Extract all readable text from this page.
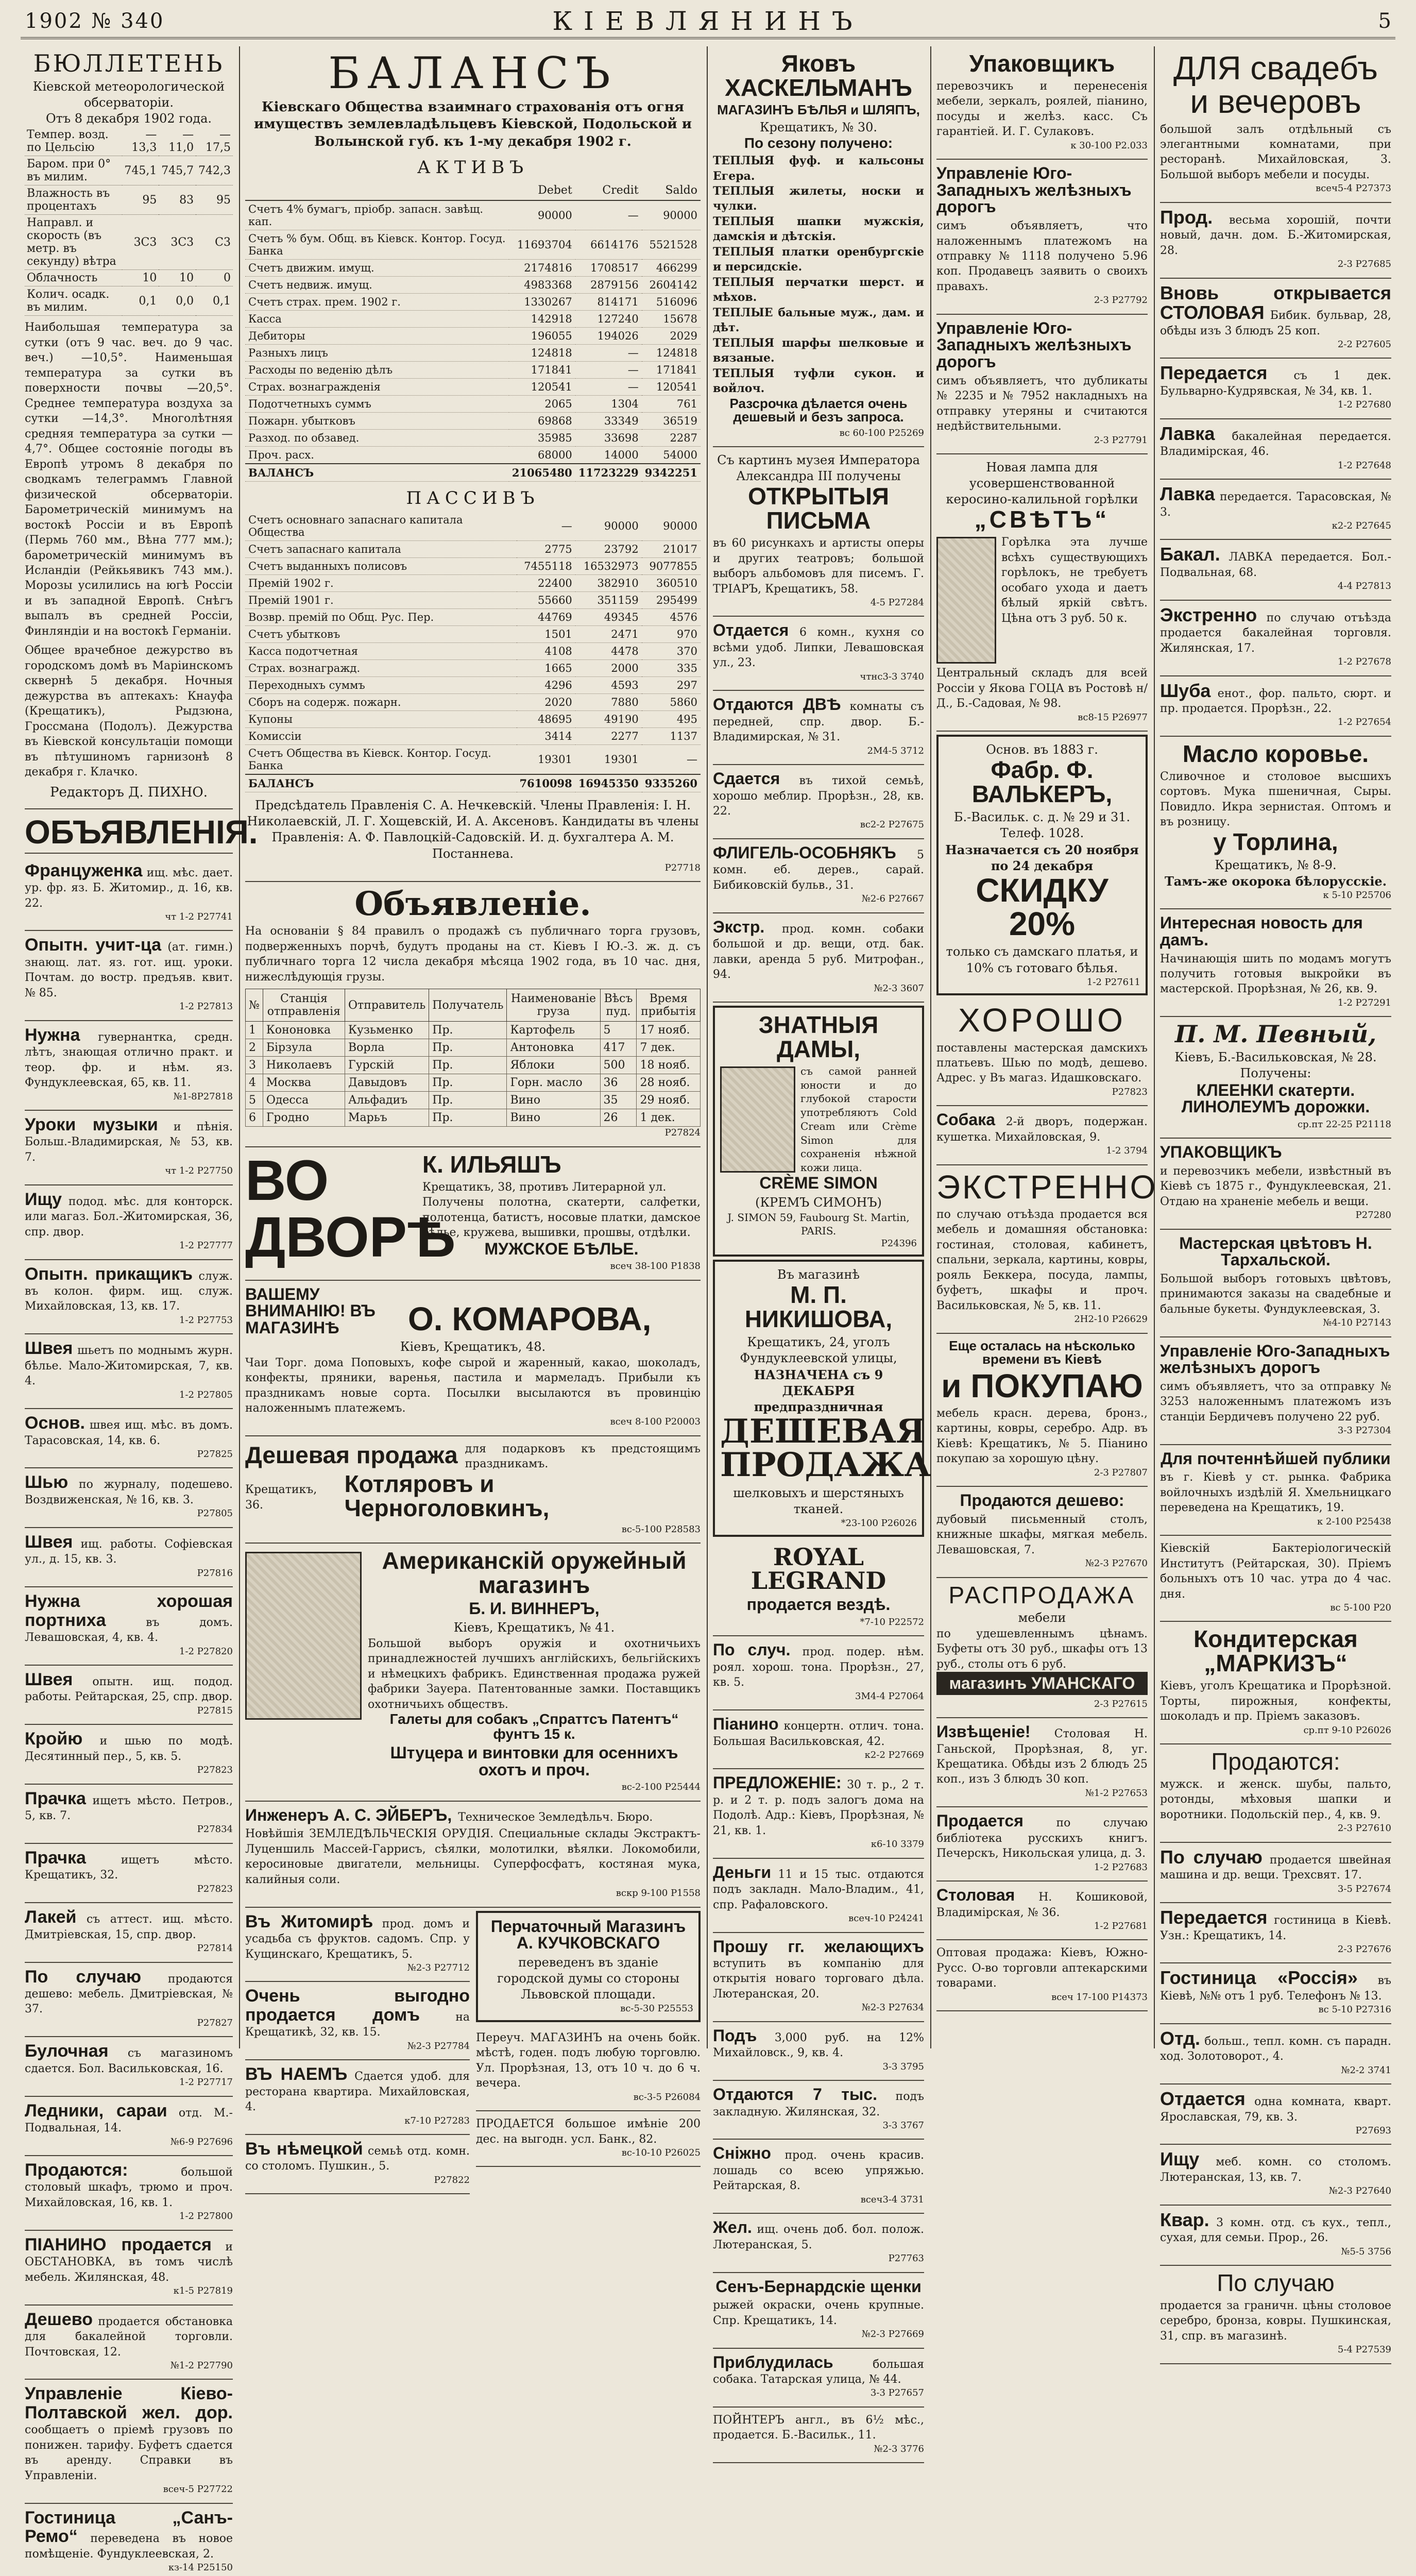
1902 № 340	КІЕВЛЯНИНЪ	5
БЮЛЛЕТЕНЬ
Кіевской метеорологической обсерваторіи.
Отъ 8 декабря 1902 года.
Темпер. возд. по Цельсію	—13,3	—11,0	—17,5
Баром. при 0° въ милим.	745,1	745,7	742,3
Влажность въ процентахъ	95	83	95
Направл. и скорость (въ метр. въ секунду) вѣтра	3С3	3С3	С3
Облачность	10	10	0
Колич. осадк. въ милим.	0,1	0,0	0,1
Наибольшая температура за сутки (отъ 9 час. веч. до 9 час. веч.) —10,5°. Наименьшая температура за сутки въ поверхности почвы —20,5°. Среднее температура воздуха за сутки —14,3°. Многолѣтняя средняя температура за сутки —4,7°. Общее состояніе погоды въ Европѣ утромъ 8 декабря по сводкамъ телеграммъ Главной физической обсерваторіи. Барометрическій минимумъ на востокѣ Россіи и въ Европѣ (Пермь 760 мм., Вѣна 777 мм.); барометрическій минимумъ въ Исландіи (Рейкьявикъ 743 мм.). Морозы усилились на югѣ Россіи и въ западной Европѣ. Снѣгъ выпалъ въ средней Россіи, Финляндіи и на востокѣ Германіи.
Общее врачебное дежурство въ городскомъ домѣ въ Маріинскомъ сквернѣ 5 декабря. Ночныя дежурства въ аптекахъ: Кнауфа (Крещатикъ), Рыдзюна, Гроссмана (Подолъ). Дежурства въ Кіевской консультаціи помощи въ пѣтушиномъ гарнизонѣ 8 декабря г. Клачко.
Редакторъ Д. ПИХНО.
ОБЪЯВЛЕНІЯ.
Француженка ищ. мѣс. дает. ур. фр. яз. Б. Житомир., д. 16, кв. 22.
чт 1-2 Р27741
Опытн. учит-ца (ат. гимн.) знающ. лат. яз. гот. ищ. уроки. Почтам. до востр. предъяв. квит. № 85.
1-2 Р27813
Нужна гувернантка, средн. лѣтъ, знающая отлично практ. и теор. фр. и нѣм. яз. Фундуклеевская, 65, кв. 11.
№1-8Р27818
Уроки музыки и пѣнія. Больш.-Владимирская, № 53, кв. 7.
чт 1-2 Р27750
Ищу подод. мѣс. для конторск. или магаз. Бол.-Житомирская, 36, спр. двор.
1-2 Р27777
Опытн. прикащикъ служ. въ колон. фирм. ищ. служ. Михайловская, 13, кв. 17.
1-2 Р27753
Швея шьетъ по моднымъ журн. бѣлье. Мало-Житомирская, 7, кв. 4.
1-2 Р27805
Основ. швея ищ. мѣс. въ домъ. Тарасовская, 14, кв. 6.
Р27825
Шью по журналу, подешево. Воздвиженская, № 16, кв. 3.
Р27805
Швея ищ. работы. Софіевская ул., д. 15, кв. 3.
Р27816
Нужна хорошая портниха	въ домъ. Левашовская, 4, кв. 4.
1-2 Р27820
Швея опытн. ищ. подод. работы. Рейтарская, 25, спр. двор.
Р27815
Кройю и шью по модѣ. Десятинный пер., 5, кв. 5.
Р27823
Прачка ищетъ мѣсто. Петров., 5, кв. 7.
Р27834
Прачка	ищетъ мѣсто. Крещатикъ, 32.
Р27823
Лакей съ аттест. ищ. мѣсто. Дмитріевская, 15, спр. двор.
Р27814
По случаю продаются дешево: мебель. Дмитріевская, № 37.
Р27827
Булочная съ магазиномъ сдается. Бол. Васильковская, 16.
1-2 Р27717
Ледники, сараи отд. М.-Подвальная, 14.
№6-9 Р27696
Продаются:	большой столовый шкафъ, трюмо и проч. Михайловская, 16, кв. 1.
1-2 Р27800
ПІАНИНО продается и ОБСТАНОВКА, въ томъ числѣ мебель. Жилянская, 48.
к1-5 Р27819
Дешево продается обстановка для бакалейной торговли. Почтовская, 12.
№1-2 Р27790
Управленіе Кіево-Полтавской жел. дор. сообщаетъ о пріемѣ грузовъ по понижен. тарифу. Буфетъ сдается въ аренду. Справки въ Управленіи.
всеч-5 Р27722
Гостиница „Санъ-Ремо“ переведена въ новое помѣщеніе. Фундуклеевская, 2.
кз-14 Р25150
БАЛАНСЪ
Кіевскаго Общества взаимнаго страхованія отъ огня имуществъ землевладѣльцевъ Кіевской, Подольской и Волынской губ. къ 1-му декабря 1902 г.
АКТИВЪ
	Debet	Credit	Saldo
Счетъ 4% бумагъ, пріобр. запасн. завѣщ. кап.	90000	—	90000
Счетъ % бум. Общ. въ Кіевск. Контор. Госуд. Банка	11693704	6614176	5521528
Счетъ движим. имущ.	2174816	1708517	466299
Счетъ недвиж. имущ.	4983368	2879156	2604142
Счетъ страх. прем. 1902 г.	1330267	814171	516096
Касса	142918	127240	15678
Дебиторы	196055	194026	2029
Разныхъ лицъ	124818	—	124818
Расходы по веденію дѣлъ	171841	—	171841
Страх. вознагражденія	120541	—	120541
Подотчетныхъ суммъ	2065	1304	761
Пожарн. убытковъ	69868	33349	36519
Разход. по обзавед.	35985	33698	2287
Проч. расх.	68000	14000	54000
ВАЛАНСЪ	21065480	11723229	9342251
ПАССИВЪ
Счетъ основнаго запаснаго капитала Общества	—	90000	90000
Счетъ запаснаго капитала	2775	23792	21017
Счетъ выданныхъ полисовъ	7455118	16532973	9077855
Премій 1902 г.	22400	382910	360510
Премій 1901 г.	55660	351159	295499
Возвр. премій по Общ. Рус. Пер.	44769	49345	4576
Счетъ убытковъ	1501	2471	970
Касса подотчетная	4108	4478	370
Страх. вознагражд.	1665	2000	335
Переходныхъ суммъ	4296	4593	297
Сборъ на содерж. пожарн.	2020	7880	5860
Купоны	48695	49190	495
Комиссіи	3414	2277	1137
Счетъ Общества въ Кіевск. Контор. Госуд. Банка	19301	19301	—
БАЛАНСЪ	7610098	16945350	9335260
Предсѣдатель Правленія С. А. Нечкевскій. Члены Правленія: І. Н. Николаевскій, Л. Г. Хощевскій, И. А. Аксеновъ. Кандидаты въ члены Правленія: А. Ф. Павлоцкій-Садовскій. И. д. бухгалтера А. М. Постаннева.
Р27718
Объявленіе.
На основаніи § 84 правилъ о продажѣ съ публичнаго торга грузовъ, подверженныхъ порчѣ, будутъ проданы на ст. Кіевъ I Ю.-З. ж. д. съ публичнаго торга 12 числа декабря мѣсяца 1902 года, въ 10 час. дня, нижеслѣдующія грузы.
№	Станція отправленія	Отправитель	Получатель	Наименованіе груза	Вѣсъ пуд.	Время прибытія
1	Кононовка	Кузьменко	Пр.	Картофель	5	17 нояб.
2	Бірзула	Ворла	Пр.	Антоновка	417	7 дек.
3	Николаевъ	Гурскій	Пр.	Яблоки	500	18 нояб.
4	Москва	Давыдовъ	Пр.	Горн. масло	36	28 нояб.
5	Одесса	Альфадиъ	Пр.	Вино	35	29 нояб.
6	Гродно	Марьъ	Пр.	Вино	26	1 дек.
Р27824
ВО ДВОРѢ
К. ИЛЬЯШЪ
Крещатикъ, 38, противъ Литерарной ул.
Получены полотна, скатерти, салфетки, полотенца, батистъ, носовые платки, дамское бѣлье, кружева, вышивки, прошвы, отдѣлки.
МУЖСКОЕ БѢЛЬЕ.
всеч 38-100 Р1838
ВАШЕМУ ВНИМАНІЮ! ВЪ МАГАЗИНѢ	О. КОМАРОВА,
Кіевъ, Крещатикъ, 48.
Чаи Торг. дома Поповыхъ, кофе сырой и жаренный, какао, шоколадъ, конфекты, пряники, варенья, пастила и мармеладъ. Прибыли къ праздникамъ новые сорта. Посылки высылаются въ провинцію наложеннымъ платежемъ.
всеч 8-100 Р20003
Дешевая продажа для подарковъ къ предстоящимъ праздникамъ.
Крещатикъ, 36.
Котляровъ и Черноголовкинъ,
вс-5-100 Р28583
Американскій оружейный магазинъ
Б. И. ВИННЕРЪ,
Кіевъ, Крещатикъ, № 41.
Большой выборъ оружія и охотничьихъ принадлежностей лучшихъ англійскихъ, бельгійскихъ и нѣмецкихъ фабрикъ. Единственная продажа ружей фабрики Зауера. Патентованные замки. Поставщикъ охотничьихъ обществъ.
Галеты для собакъ „Спраттсъ Патентъ“ фунтъ 15 к.
Штуцера и винтовки для осеннихъ охотъ и проч.
вс-2-100 Р25444
Инженеръ А. С. ЭЙБЕРЪ, Техническое Земледѣльч. Бюро.
Новѣйшія ЗЕМЛЕДѢЛЬЧЕСКІЯ ОРУДІЯ. Специальные склады Экстрактъ-Луценшиль Массей-Гаррисъ, сѣялки, молотилки, вѣялки. Локомобили, керосиновые двигатели, мельницы. Суперфосфатъ, костяная мука, калийныя соли.
вскр 9-100 Р1558
Въ Житомирѣ прод. домъ и усадьба съ фруктов. садомъ. Спр. у Кущинскаго, Крещатикъ, 5.
№2-3 Р27712
Очень выгодно продается домъ	на Крещатикѣ, 32, кв. 15.
№2-3 Р27784
ВЪ НАЕМЪ Сдается удоб. для ресторана квартира. Михайловская, 4.
к7-10 Р27283
Въ нѣмецкой семьѣ отд. комн. со столомъ. Пушкин., 5.
Р27822
Перчаточный Магазинъ А. КУЧКОВСКАГО
переведенъ въ зданіе городской думы со стороны Львовской площади.
вс-5-30 Р25553
Переуч. МАГАЗИНЪ на очень бойк. мѣстѣ, годен. подъ любую торговлю. Ул. Прорѣзная, 13, отъ 10 ч. до 6 ч. вечера.
вс-3-5 Р26084
ПРОДАЕТСЯ большое имѣніе 200 дес. на выгодн. усл. Банк., 82.
вс-10-10 Р26025
Яковъ ХАСКЕЛЬМАНЪ
МАГАЗИНЪ БѢЛЬЯ и ШЛЯПЪ,
Крещатикъ, № 30.
По сезону получено:
ТЕПЛЫЯ фуф. и кальсоны Егера.
ТЕПЛЫЯ жилеты, носки и чулки.
ТЕПЛЫЯ шапки мужскія, дамскія и дѣтскія.
ТЕПЛЫЯ платки оренбургскіе и персидскіе.
ТЕПЛЫЯ перчатки шерст. и мѣхов.
ТЕПЛЫЕ бальные муж., дам. и дѣт.
ТЕПЛЫЯ шарфы шелковые и вязаные.
ТЕПЛЫЯ туфли сукон. и войлоч.
Разсрочка дѣлается очень дешевый и безъ запроса.
вс 60-100 Р25269
Съ картинъ музея Императора Александра III получены
ОТКРЫТЫЯ ПИСЬМА
въ 60 рисункахъ и артисты оперы и других театровъ; большой выборъ альбомовъ для писемъ. Г. ТРІАРЪ, Крещатикъ, 58.
4-5 Р27284
Отдается 6 комн., кухня со всѣми удоб. Липки, Левашовская ул., 23.
чтнс3-3 3740
Отдаются ДВѢ комнаты съ передней, спр. двор. Б.-Владимирская, № 31.
2М4-5 3712
Сдается въ тихой семьѣ, хорошо меблир. Прорѣзн., 28, кв. 22.
вс2-2 Р27675
ФЛИГЕЛЬ-ОСОБНЯКЪ 5 комн. еб. дерев., сарай. Бибиковскій бульв., 31.
№2-6 Р27667
Экстр. прод. комн. собаки большой и др. вещи, отд. бак. лавки, аренда 5 руб. Митрофан., 94.
№2-3 3607
ЗНАТНЫЯ ДАМЫ,
съ самой ранней юности и до глубокой старости употребляютъ Cold Cream или Crème Simon для сохраненія нѣжной кожи лица.
CRÈME SIMON
(КРЕМЪ СИМОНЪ)
J. SIMON 59, Faubourg St. Martin, PARIS.
Р24396
Въ магазинѣ
М. П. НИКИШОВА,
Крещатикъ, 24, уголъ Фундуклеевской улицы,
НАЗНАЧЕНА съ 9 ДЕКАБРЯ предпраздничная
ДЕШЕВАЯ ПРОДАЖА
шелковыхъ и шерстяныхъ тканей.
*23-100 Р26026
ROYAL LEGRAND
продается вездѣ.
*7-10 Р22572
По случ. прод. подер. нѣм. роял. хорош. тона. Прорѣзн., 27, кв. 5.
3М4-4 Р27064
Піанино концертн. отлич. тона. Большая Васильковская, 42.
к2-2 Р27669
ПРЕДЛОЖЕНІЕ: 30 т. р., 2 т. р. и 2 т. р. подъ залогъ дома на Подолѣ. Адр.: Кіевъ, Прорѣзная, № 21, кв. 1.
к6-10 3379
Деньги 11 и 15 тыс. отдаются подъ закладн. Мало-Владим., 41, спр. Рафаловского.
всеч-10 Р24241
Прошу гг. желающихъ вступить въ компанію для открытія новаго торговаго дѣла. Лютеранская, 20.
№2-3 Р27634
Подъ 3,000 руб. на 12% Михайловск., 9, кв. 4.
3-3 3795
Отдаются 7 тыс. подъ закладную. Жилянская, 32.
3-3 3767
Сніжно прод. очень красив. лошадь со всею упряжью. Рейтарская, 8.
всеч3-4 3731
Жел. ищ. очень доб. бол. полож. Лютеранская, 5.
Р27763
Сенъ-Бернардскіе щенки
рыжей окраски, очень крупные. Спр. Крещатикъ, 14.
№2-3 Р27669
Приблудилась	большая собака. Татарская улица, № 44.
3-3 Р27657
ПОЙНТЕРЪ англ., въ 6½ мѣс., продается. Б.-Васильк., 11.
№2-3 3776
Упаковщикъ
перевозчикъ и перенесенія мебели, зеркалъ, роялей, піанино, посуды и желѣз. касс. Съ гарантіей. И. Г. Сулаковъ.
к 30-100 Р2.033
Управленіе Юго-Западныхъ желѣзныхъ дорогъ
симъ объявляетъ, что наложеннымъ платежомъ на отправку № 1118 получено 5.96 коп. Продавецъ заявить о своихъ правахъ.
2-3 Р27792
Управленіе Юго-Западныхъ желѣзныхъ дорогъ
симъ объявляетъ, что дубликаты № 2235 и № 7952 накладныхъ на отправку утеряны и считаются недѣйствительными.
2-3 Р27791
Новая лампа для усовершенствованной керосино-калильной горѣлки
„СВѢТЪ“
Горѣлка эта лучше всѣхъ существующихъ горѣлокъ, не требуетъ особаго ухода и даетъ бѣлый яркій свѣтъ. Цѣна отъ 3 руб. 50 к.
Центральный складъ для всей Россіи у Якова ГОЦА въ Ростовѣ н/Д., Б.-Садовая, № 98.
вс8-15 Р26977
Основ. въ 1883 г.
Фабр. Ф. ВАЛЬКЕРЪ,
Б.-Васильк. с. д. № 29 и 31. Телеф. 1028.
Назначается съ 20 ноября по 24 декабря
СКИДКУ 20%
только съ дамскаго платья, и 10% съ готоваго бѣлья.
1-2 Р27611
ХОРОШО
поставлены мастерская дамскихъ платьевъ. Шью по модѣ, дешево. Адрес. у Въ магаз. Идашковскаго.
Р27823
Собака 2-й дворъ, подержан. кушетка. Михайловская, 9.
1-2 3794
ЭКСТРЕННО
по случаю отъѣзда продается вся мебель и домашняя обстановка: гостиная, столовая, кабинетъ, спальни, зеркала, картины, ковры, рояль Беккера, посуда, лампы, буфетъ, шкафы и проч. Васильковская, № 5, кв. 11.
2Н2-10 Р26629
Еще осталась на нѣсколько времени въ Кіевѣ
и ПОКУПАЮ
мебель красн. дерева, бронз., картины, ковры, серебро. Адр. въ Кіевѣ: Крещатикъ, № 5. Піанино покупаю за хорошую цѣну.
2-3 Р27807
Продаются дешево:
дубовый письменный столъ, книжные шкафы, мягкая мебель. Левашовская, 7.
№2-3 Р27670
РАСПРОДАЖА
мебели
по удешевленнымъ цѣнамъ. Буфеты отъ 30 руб., шкафы отъ 13 руб., столы отъ 6 руб.
магазинъ УМАНСКАГО
2-3 Р27615
Извѣщеніе! Столовая Н. Ганьской, Прорѣзная, 8, уг. Крещатика. Обѣды изъ 2 блюдъ 25 коп., изъ 3 блюдъ 30 коп.
№1-2 Р27653
Продается	по случаю библіотека русскихъ книгъ. Печерскъ, Никольская улица, д. 3.
1-2 Р27683
Столовая Н. Кошиковой, Владимірская, № 36.
1-2 Р27681
Оптовая продажа: Кіевъ, Южно-Русс. О-во торговли аптекарскими товарами.
всеч 17-100 Р14373
ДЛЯ свадебъ и вечеровъ
большой залъ отдѣльный съ элегантными комнатами, при ресторанѣ. Михайловская, 3. Большой выборъ мебели и посуды.
всеч5-4 Р27373
Прод. весьма хорошій, почти новый, дачн. дом. Б.-Житомирская, 28.
2-3 Р27685
Вновь открывается СТОЛОВАЯ Бибик. бульвар, 28, обѣды изъ 3 блюдъ 25 коп.
2-2 Р27605
Передается съ 1 дек. Бульварно-Кудрявская, № 34, кв. 1.
1-2 Р27680
Лавка бакалейная передается. Владимірская, 46.
1-2 Р27648
Лавка передается. Тарасовская, № 3.
к2-2 Р27645
Бакал. ЛАВКА передается. Бол.-Подвальная, 68.
4-4 Р27813
Экстренно по случаю отъѣзда продается бакалейная торговля. Жилянская, 17.
1-2 Р27678
Шуба енот., фор. пальто, сюрт. и пр. продается. Прорѣзн., 22.
1-2 Р27654
Масло коровье.
Сливочное и столовое высшихъ сортовъ. Мука пшеничная, Сыры. Повидло. Икра зернистая. Оптомъ и въ розницу.
у Торлина,
Крещатикъ, № 8-9.
Тамъ-же окорока бѣлорусскіе.
к 5-10 Р25706
Интересная новость для дамъ.
Начинающія шить по модамъ могутъ получить готовыя выкройки въ мастерской. Прорѣзная, № 26, кв. 9.
1-2 Р27291
П. М. Певный,
Кіевъ, Б.-Васильковская, № 28.
Получены:
КЛЕЕНКИ скатерти. ЛИНОЛЕУМЪ дорожки.
ср.пт 22-25 Р21118
УПАКОВЩИКЪ
и перевозчикъ мебели, извѣстный въ Кіевѣ съ 1875 г., Фундуклеевская, 21. Отдаю на храненіе мебель и вещи.
Р27280
Мастерская цвѣтовъ Н. Тархальской.
Большой выборъ готовыхъ цвѣтовъ, принимаются заказы на свадебные и бальные букеты. Фундуклеевская, 3.
№4-10 Р27143
Управленіе Юго-Западныхъ желѣзныхъ дорогъ
симъ объявляетъ, что за отправку № 3253 наложеннымъ платежомъ изъ станціи Бердичевъ получено 22 руб.
3-3 Р27304
Для почтеннѣйшей публики
въ г. Кіевѣ у ст. рынка. Фабрика войлочныхъ издѣлій Я. Хмельницкаго переведена на Крещатикъ, 19.
к 2-100 Р25438
Кіевскій Бактеріологическій Институтъ (Рейтарская, 30). Пріемъ больныхъ отъ 10 час. утра до 4 час. дня.
вс 5-100 Р20
Кондитерская „МАРКИЗЪ“
Кіевъ, уголъ Крещатика и Прорѣзной. Торты, пирожныя, конфекты, шоколадъ и пр. Пріемъ заказовъ.
ср.пт 9-10 Р26026
Продаются:
мужск. и женск. шубы, пальто, ротонды, мѣховыя шапки и воротники. Подольскій пер., 4, кв. 9.
2-3 Р27610
По случаю продается швейная машина и др. вещи. Трехсвят. 17.
3-5 Р27674
Передается гостиница в Кіевѣ. Узн.: Крещатикъ, 14.
2-3 Р27676
Гостиница «Россія» въ Кіевѣ, №№ отъ 1 руб. Телефонъ № 13.
вс 5-10 Р27316
Отд. больш., тепл. комн. съ парадн. ход. Золотоворот., 4.
№2-2 3741
Отдается одна комната, кварт. Ярославская, 79, кв. 3.
Р27693
Ищу меб. комн. со столомъ. Лютеранская, 13, кв. 7.
№2-3 Р27640
Квар. 3 комн. отд. съ кух., тепл., сухая, для семьи. Прор., 26.
№5-5 3756
По случаю
продается за граничн. цѣны столовое серебро, бронза, ковры. Пушкинская, 31, спр. въ магазинѣ.
5-4 Р27539
